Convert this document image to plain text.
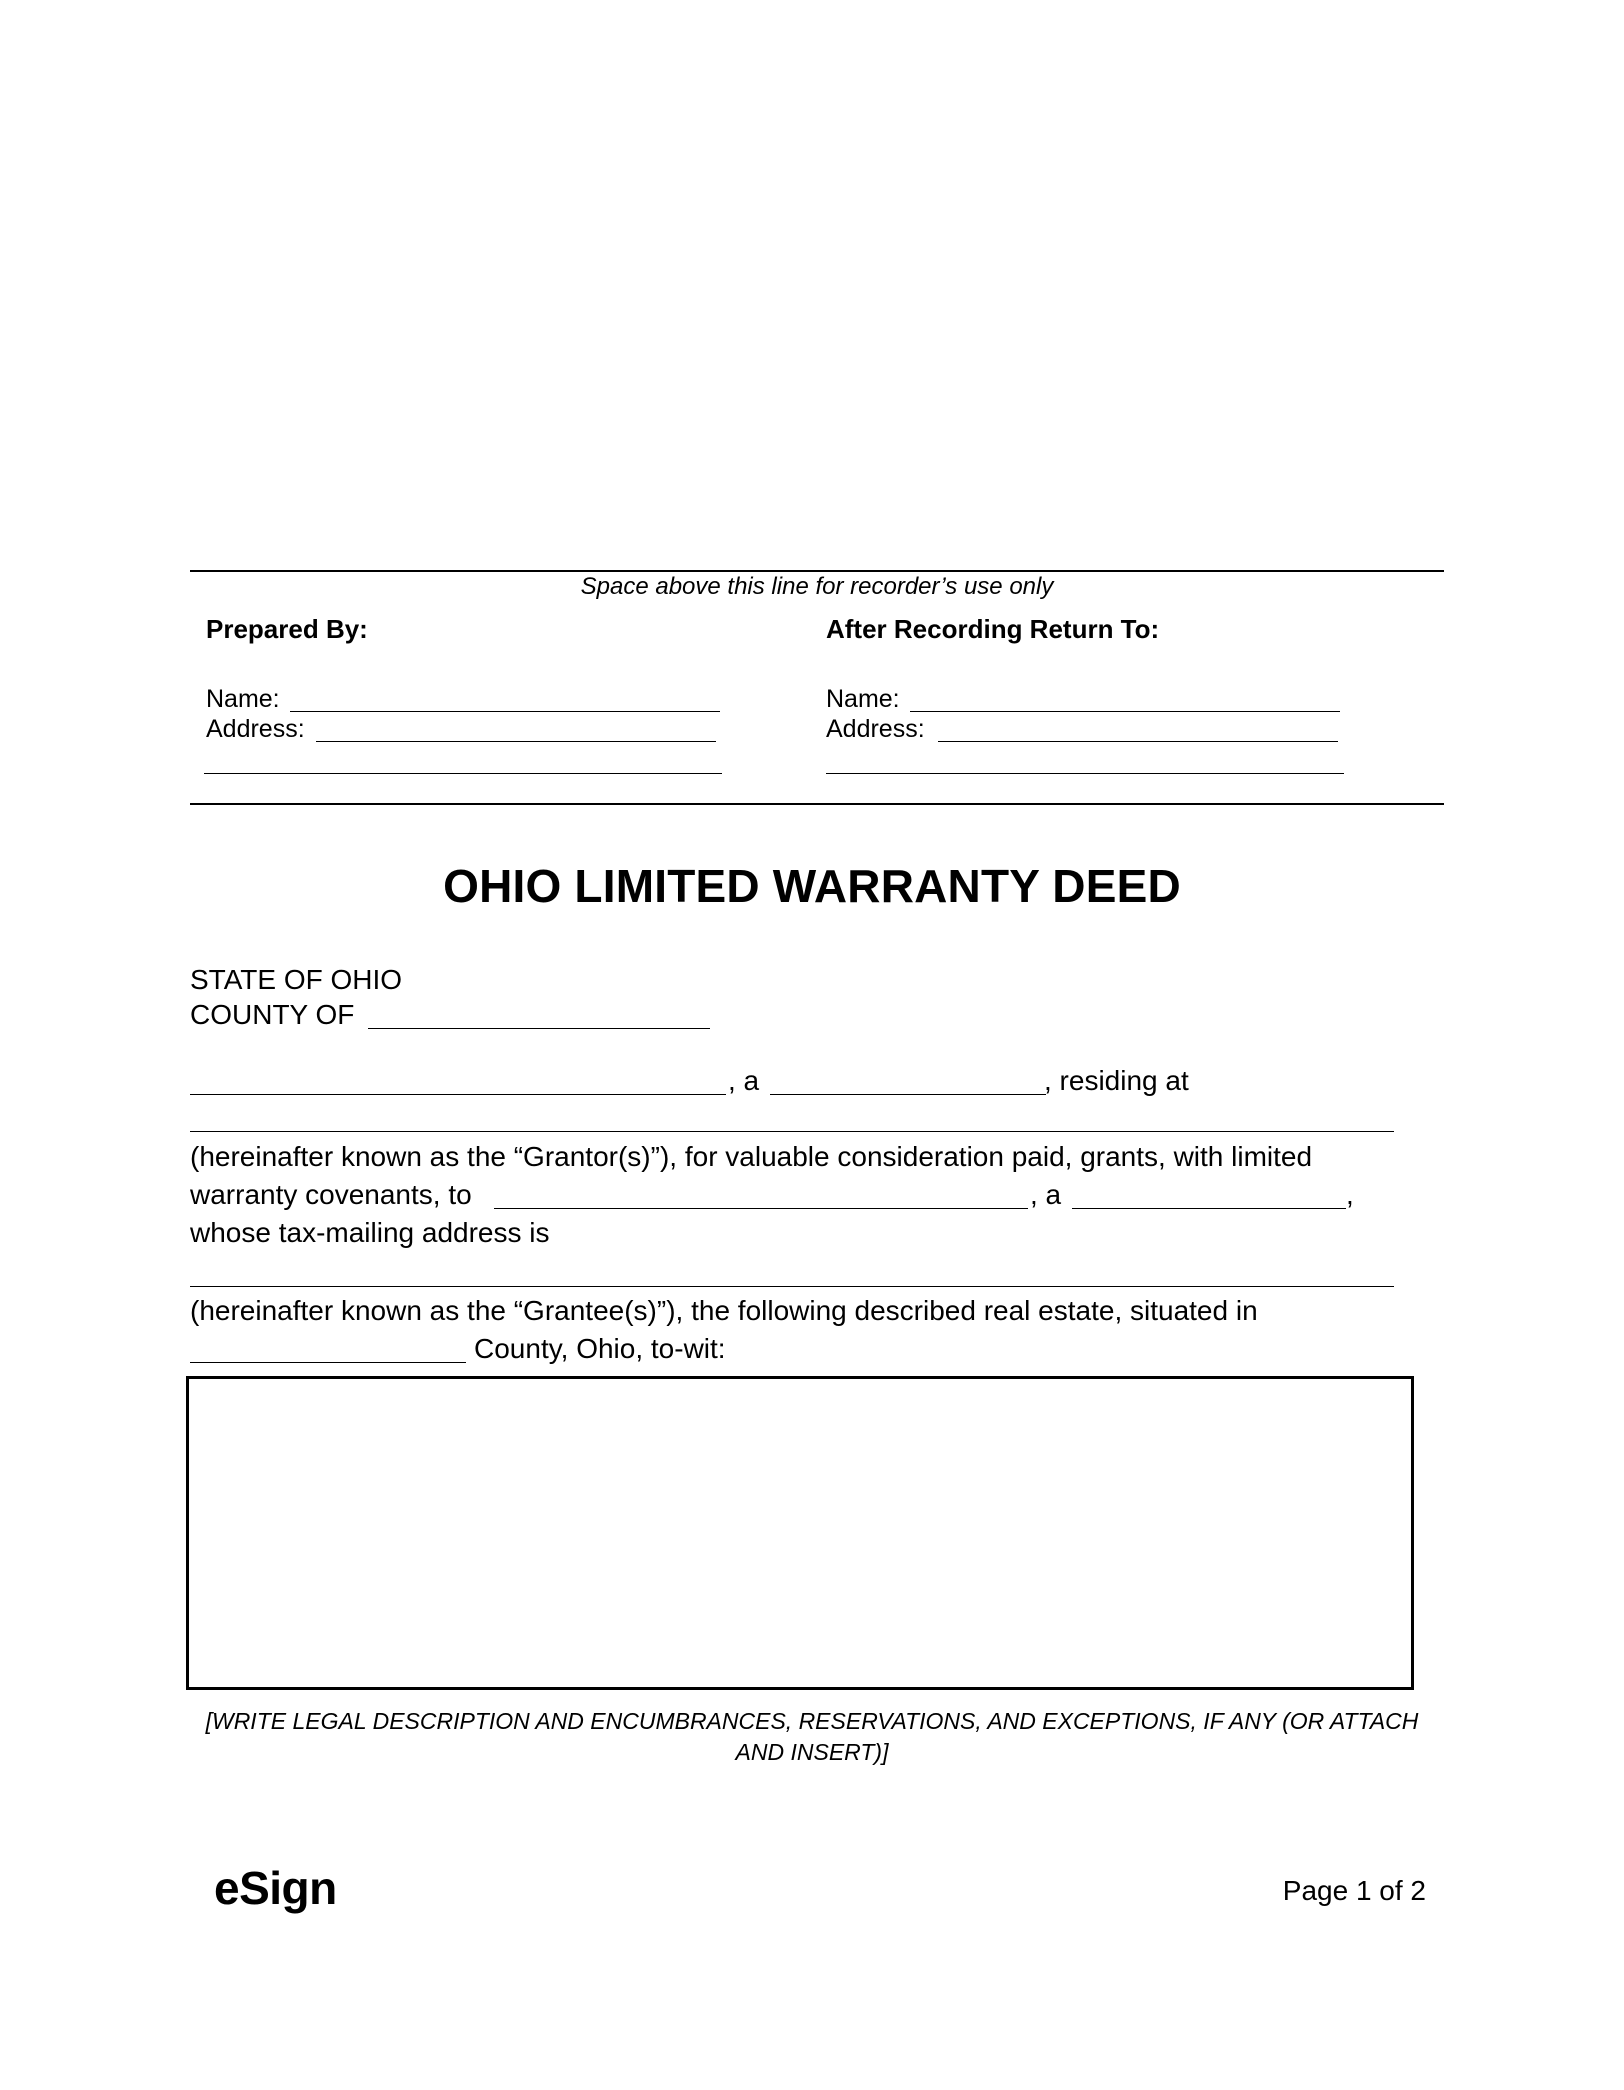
Space above this line for recorder’s use only
Prepared By:
Name:
Address:
After Recording Return To:
Name:
Address:
OHIO LIMITED WARRANTY DEED
STATE OF OHIO
COUNTY OF
, a	, residing at
(hereinafter known as the “Grantor(s)”), for valuable consideration paid, grants, with limited
warranty covenants, to	, a	,
whose tax-mailing address is
(hereinafter known as the “Grantee(s)”), the following described real estate, situated in
County, Ohio, to-wit:
[WRITE LEGAL DESCRIPTION AND ENCUMBRANCES, RESERVATIONS, AND EXCEPTIONS, IF ANY (OR ATTACH AND INSERT)]
eSign	Page 1 of 2
